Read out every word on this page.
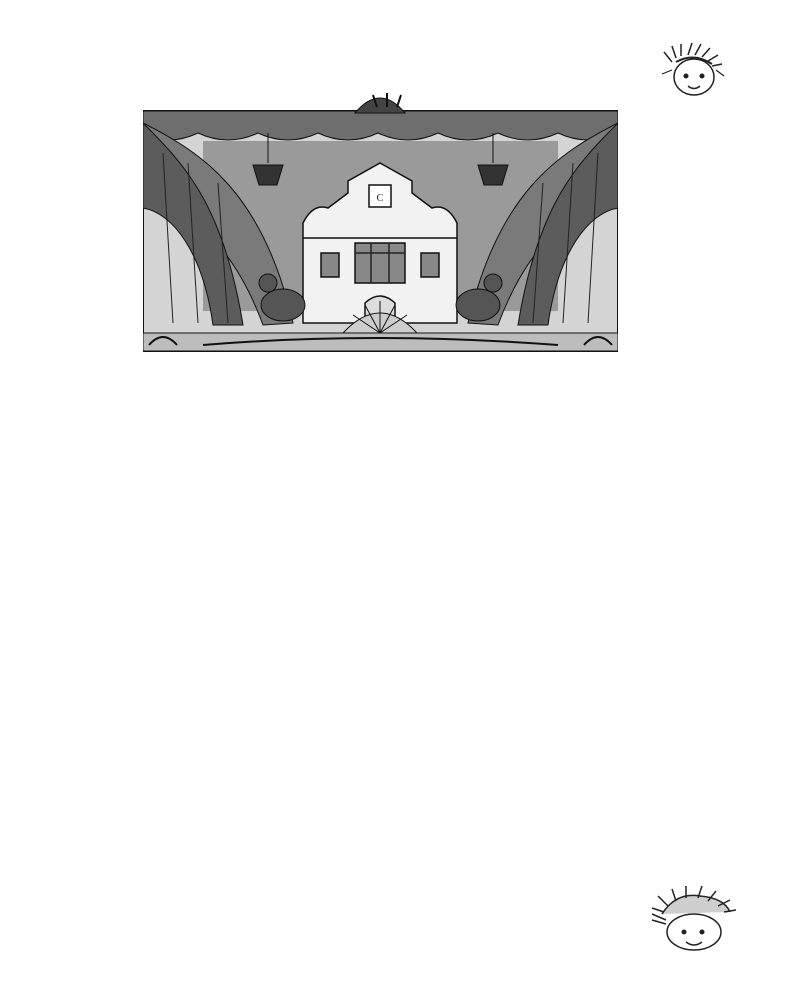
С
